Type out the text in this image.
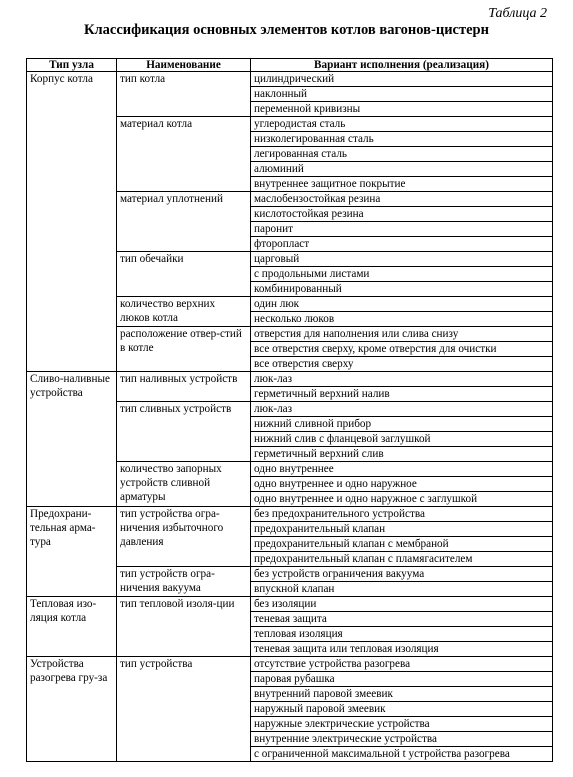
Таблица 2
Классификация основных элементов котлов вагонов-цистерн
Тип узла	Наименование	Вариант исполнения (реализация)
Корпус котла	тип котла	цилиндрический
		наклонный
		переменной кривизны
	материал котла	углеродистая сталь
		низколегированная сталь
		легированная сталь
		алюминий
		внутреннее защитное покрытие
	материал уплотнений	маслобензостойкая резина
		кислотостойкая резина
		паронит
		фторопласт
	тип обечайки	царговый
		с продольными листами
		комбинированный
	количество верхних люков котла	один люк
		несколько люков
	расположение отвер-стий в котле	отверстия для наполнения или слива снизу
		все отверстия сверху, кроме отверстия для очистки
		все отверстия сверху
Сливо-наливные устройства	тип наливных устройств	люк-лаз
		герметичный верхний налив
	тип сливных устройств	люк-лаз
		нижний сливной прибор
		нижний слив с фланцевой заглушкой
		герметичный верхний слив
	количество запорных устройств сливной арматуры	одно внутреннее
		одно внутреннее и одно наружное
		одно внутреннее и одно наружное с заглушкой
Предохрани-тельная арма-тура	тип устройства огра-ничения избыточного давления	без предохранительного устройства
		предохранительный клапан
		предохранительный клапан с мембраной
		предохранительный клапан с пламягасителем
	тип устройств огра-ничения вакуума	без устройств ограничения вакуума
		впускной клапан
Тепловая изо-ляция котла	тип тепловой изоля-ции	без изоляции
		теневая защита
		тепловая изоляция
		теневая защита или тепловая изоляция
Устройства разогрева гру-за	тип устройства	отсутствие устройства разогрева
		паровая рубашка
		внутренний паровой змеевик
		наружный паровой змеевик
		наружные электрические устройства
		внутренние электрические устройства
		с ограниченной максимальной t устройства разогрева
